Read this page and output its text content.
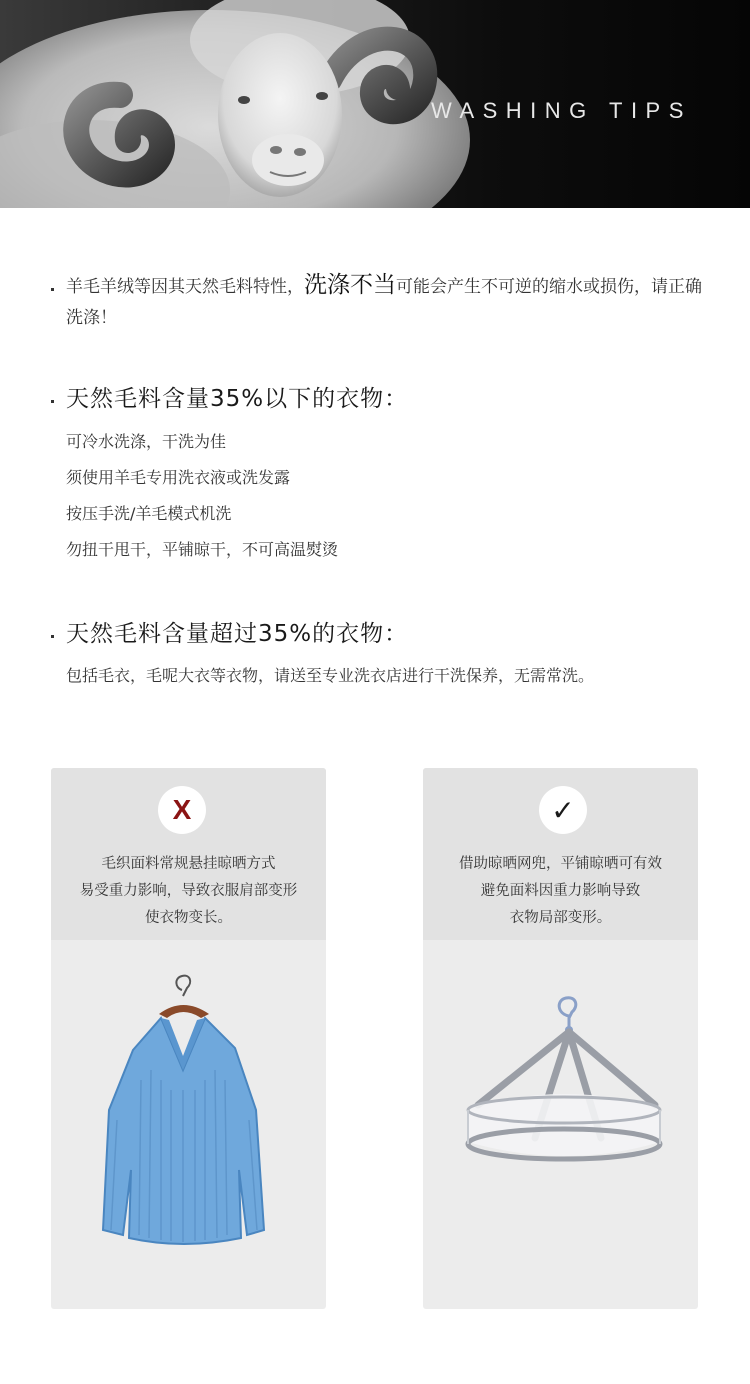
WASHING TIPS
羊毛羊绒等因其天然毛料特性，洗涤不当可能会产生不可逆的缩水或损伤，请正确洗涤！
天然毛料含量35%以下的衣物：
可冷水洗涤，干洗为佳
须使用羊毛专用洗衣液或洗发露
按压手洗/羊毛模式机洗
勿扭干甩干，平铺晾干，不可高温熨烫
天然毛料含量超过35%的衣物：
包括毛衣，毛呢大衣等衣物，请送至专业洗衣店进行干洗保养，无需常洗。
X
毛织面料常规悬挂晾晒方式
易受重力影响，导致衣服肩部变形
使衣物变长。
✓
借助晾晒网兜，平铺晾晒可有效
避免面料因重力影响导致
衣物局部变形。
